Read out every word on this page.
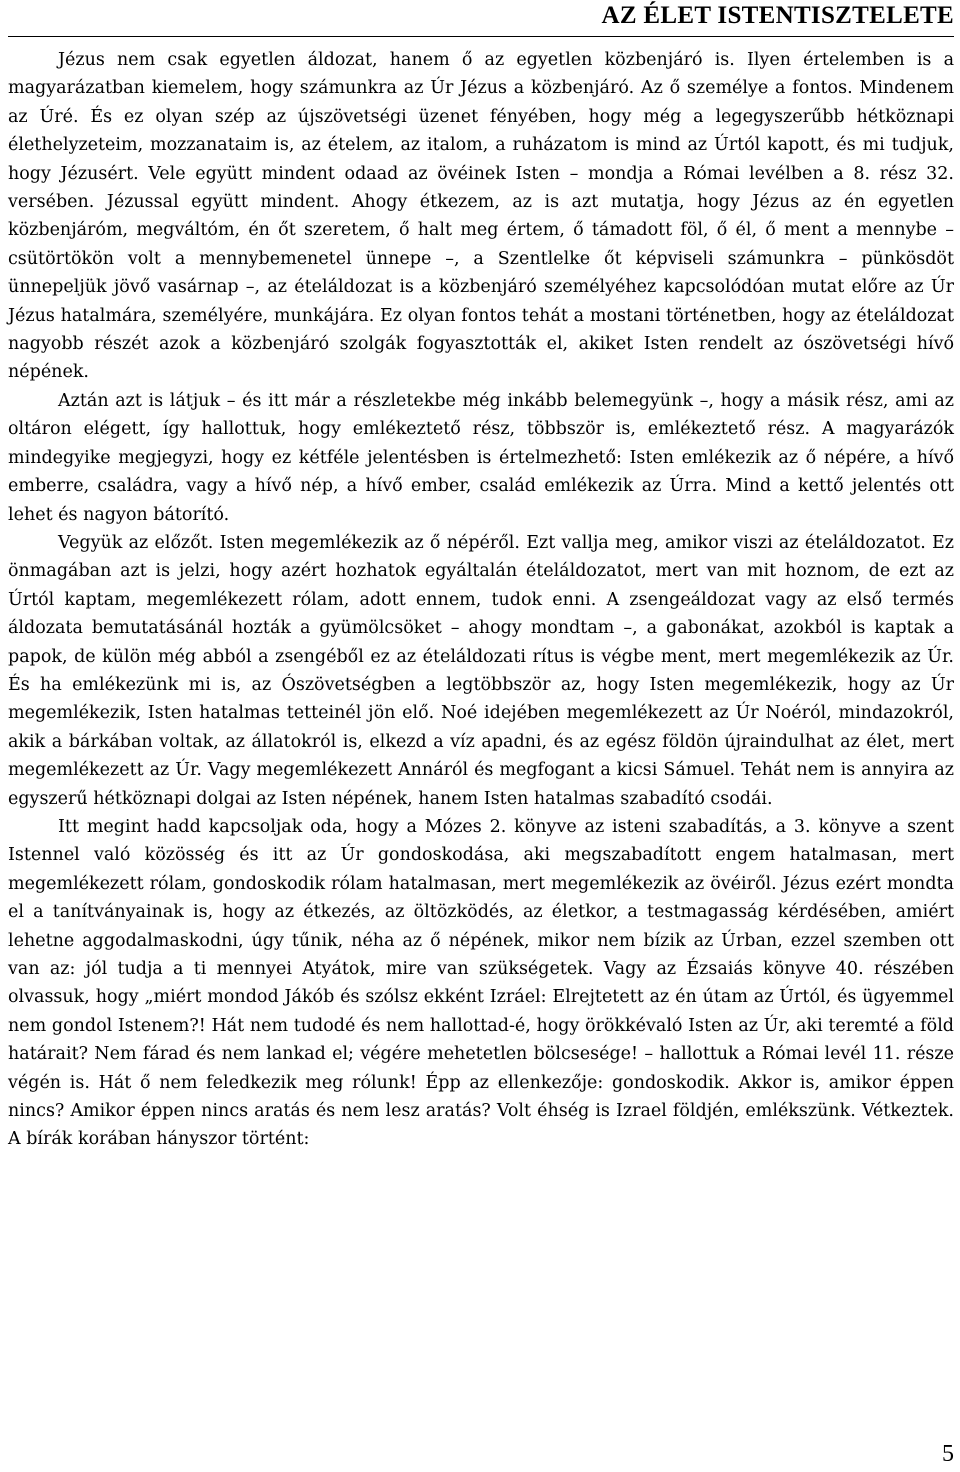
AZ ÉLET ISTENTISZTELETE

Jézus nem csak egyetlen áldozat, hanem ő az egyetlen közbenjáró is. Ilyen értelemben is a magyarázatban kiemelem, hogy számunkra az Úr Jézus a közbenjáró. Az ő személye a fontos. Mindenem az Úré. És ez olyan szép az újszövetségi üzenet fényében, hogy még a legegyszerűbb hétköznapi élethelyzeteim, mozzanataim is, az ételem, az italom, a ruházatom is mind az Úrtól kapott, és mi tudjuk, hogy Jézusért. Vele együtt mindent odaad az övéinek Isten – mondja a Római levélben a 8. rész 32. versében. Jézussal együtt mindent. Ahogy étkezem, az is azt mutatja, hogy Jézus az én egyetlen közbenjáróm, megváltóm, én őt szeretem, ő halt meg értem, ő támadott föl, ő él, ő ment a mennybe – csütörtökön volt a mennybemenetel ünnepe –, a Szentlelke őt képviseli számunkra – pünkösdöt ünnepeljük jövő vasárnap –, az ételáldozat is a közbenjáró személyéhez kapcsolódóan mutat előre az Úr Jézus hatalmára, személyére, munkájára. Ez olyan fontos tehát a mostani történetben, hogy az ételáldozat nagyobb részét azok a közbenjáró szolgák fogyasztották el, akiket Isten rendelt az ószövetségi hívő népének.

Aztán azt is látjuk – és itt már a részletekbe még inkább belemegyünk –, hogy a másik rész, ami az oltáron elégett, így hallottuk, hogy emlékeztető rész, többször is, emlékeztető rész. A magyarázók mindegyike megjegyzi, hogy ez kétféle jelentésben is értelmezhető: Isten emlékezik az ő népére, a hívő emberre, családra, vagy a hívő nép, a hívő ember, család emlékezik az Úrra. Mind a kettő jelentés ott lehet és nagyon bátorító.

Vegyük az előzőt. Isten megemlékezik az ő népéről. Ezt vallja meg, amikor viszi az ételáldozatot. Ez önmagában azt is jelzi, hogy azért hozhatok egyáltalán ételáldozatot, mert van mit hoznom, de ezt az Úrtól kaptam, megemlékezett rólam, adott ennem, tudok enni. A zsengeáldozat vagy az első termés áldozata bemutatásánál hozták a gyümölcsöket – ahogy mondtam –, a gabonákat, azokból is kaptak a papok, de külön még abból a zsengéből ez az ételáldozati rítus is végbe ment, mert megemlékezik az Úr. És ha emlékezünk mi is, az Ószövetségben a legtöbbször az, hogy Isten megemlékezik, hogy az Úr megemlékezik, Isten hatalmas tetteinél jön elő. Noé idejében megemlékezett az Úr Noéról, mindazokról, akik a bárkában voltak, az állatokról is, elkezd a víz apadni, és az egész földön újraindulhat az élet, mert megemlékezett az Úr. Vagy megemlékezett Annáról és megfogant a kicsi Sámuel. Tehát nem is annyira az egyszerű hétköznapi dolgai az Isten népének, hanem Isten hatalmas szabadító csodái.

Itt megint hadd kapcsoljak oda, hogy a Mózes 2. könyve az isteni szabadítás, a 3. könyve a szent Istennel való közösség és itt az Úr gondoskodása, aki megszabadított engem hatalmasan, mert megemlékezett rólam, gondoskodik rólam hatalmasan, mert megemlékezik az övéiről. Jézus ezért mondta el a tanítványainak is, hogy az étkezés, az öltözködés, az életkor, a testmagasság kérdésében, amiért lehetne aggodalmaskodni, úgy tűnik, néha az ő népének, mikor nem bízik az Úrban, ezzel szemben ott van az: jól tudja a ti mennyei Atyátok, mire van szükségetek. Vagy az Ézsaiás könyve 40. részében olvassuk, hogy „miért mondod Jákób és szólsz ekként Izráel: Elrejtetett az én útam az Úrtól, és ügyemmel nem gondol Istenem?! Hát nem tudodé és nem hallottad-é, hogy örökkévaló Isten az Úr, aki teremté a föld határait? Nem fárad és nem lankad el; végére mehetetlen bölcsesége! – hallottuk a Római levél 11. része végén is. Hát ő nem feledkezik meg rólunk! Épp az ellenkezője: gondoskodik. Akkor is, amikor éppen nincs? Amikor éppen nincs aratás és nem lesz aratás? Volt éhség is Izrael földjén, emlékszünk. Vétkeztek. A bírák korában hányszor történt:

5
